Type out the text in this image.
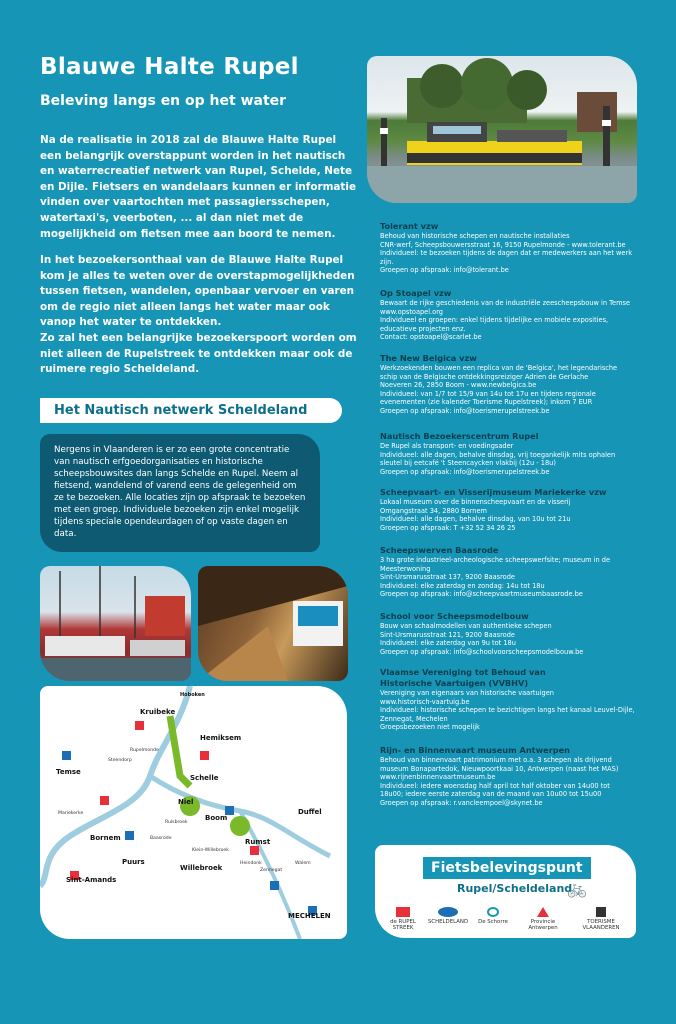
Blauwe Halte Rupel
Beleving langs en op het water
Na de realisatie in 2018 zal de Blauwe Halte Rupel een belangrijk overstappunt worden in het nautisch en waterrecreatief netwerk van Rupel, Schelde, Nete en Dijle. Fietsers en wandelaars kunnen er informatie vinden over vaartochten met passagiersschepen, watertaxi's, veerboten, ... al dan niet met de mogelijkheid om fietsen mee aan boord te nemen.
In het bezoekersonthaal van de Blauwe Halte Rupel kom je alles te weten over de overstapmogelijkheden tussen fietsen, wandelen, openbaar vervoer en varen om de regio niet alleen langs het water maar ook vanop het water te ontdekken.
Zo zal het een belangrijke bezoekerspoort worden om niet alleen de Rupelstreek te ontdekken maar ook de ruimere regio Scheldeland.
Het Nautisch netwerk Scheldeland
Nergens in Vlaanderen is er zo een grote concentratie van nautisch erfgoedorganisaties en historische scheepsbouwsites dan langs Schelde en Rupel. Neem al fietsend, wandelend of varend eens de gelegenheid om ze te bezoeken. Alle locaties zijn op afspraak te bezoeken met een groep. Individuele bezoeken zijn enkel mogelijk tijdens speciale opendeurdagen of op vaste dagen en data.
Hoboken
Kruibeke
Hemiksem
Temse
Schelle
Niel
Boom
Rumst
Duffel
Bornem
Puurs
Willebroek
Sint-Amands
MECHELEN
Mariekerke
Rupelmonde
Steendorp
Baasrode
Rulsbroek
Walem
Heindonk
Zennegat
Klein-Willebroek
Tolerant vzw
Behoud van historische schepen en nautische installaties
CNR-werf, Scheepsbouwersstraat 16, 9150 Rupelmonde - www.tolerant.be
Individueel: te bezoeken tijdens de dagen dat er medewerkers aan het werk zijn.
Groepen op afspraak: info@tolerant.be
Op Stoapel vzw
Bewaart de rijke geschiedenis van de industriële zeescheepsbouw in Temse
www.opstoapel.org
Individueel en groepen: enkel tijdens tijdelijke en mobiele exposities, educatieve projecten enz.
Contact: opstoapel@scarlet.be
The New Belgica vzw
Werkzoekenden bouwen een replica van de 'Belgica', het legendarische schip van de Belgische ontdekkingsreiziger Adrien de Gerlache
Noeveren 26, 2850 Boom - www.newbelgica.be
Individueel: van 1/7 tot 15/9 van 14u tot 17u en tijdens regionale evenementen (zie kalender Toerisme Rupelstreek); inkom 7 EUR
Groepen op afspraak: info@toerismerupelstreek.be
Nautisch Bezoekerscentrum Rupel
De Rupel als transport- en voedingsader
Individueel: alle dagen, behalve dinsdag, vrij toegankelijk mits ophalen sleutel bij eetcafé 't Steencaycken vlakbij (12u - 18u)
Groepen op afspraak: info@toerismerupelstreek.be
Scheepvaart- en Visserijmuseum Mariekerke vzw
Lokaal museum over de binnenscheepvaart en de visserij
Omgangstraat 34, 2880 Bornem
Individueel: alle dagen, behalve dinsdag, van 10u tot 21u
Groepen op afspraak: T +32 52 34 26 25
Scheepswerven Baasrode
3 ha grote industrieel-archeologische scheepswerfsite; museum in de Meesterwoning
Sint-Ursmarusstraat 137, 9200 Baasrode
Individueel: elke zaterdag en zondag: 14u tot 18u
Groepen op afspraak: info@scheepvaartmuseumbaasrode.be
School voor Scheepsmodelbouw
Bouw van schaalmodellen van authentieke schepen
Sint-Ursmarusstraat 121, 9200 Baasrode
Individueel: elke zaterdag van 9u tot 18u
Groepen op afspraak: info@schoolvoorscheepsmodelbouw.be
Vlaamse Vereniging tot Behoud van Historische Vaartuigen (VVBHV)
Vereniging van eigenaars van historische vaartuigen
www.historisch-vaartuig.be
Individueel: historische schepen te bezichtigen langs het kanaal Leuvel-Dijle, Zennegat, Mechelen
Groepsbezoeken niet mogelijk
Rijn- en Binnenvaart museum Antwerpen
Behoud van binnenvaart patrimonium met o.a. 3 schepen als drijvend museum Bonapartedok, Nieuwpoortkaai 10, Antwerpen (naast het MAS)
www.rijnenbinnenvaartmuseum.be
Individueel: iedere woensdag half april tot half oktober van 14u00 tot 18u00; iedere eerste zaterdag van de maand van 10u00 tot 15u00
Groepen op afspraak: r.vancleempoel@skynet.be
Fietsbelevingspunt
Rupel/Scheldeland
🚲
de RUPEL STREEK
SCHELDELAND	De Schorre	Provincie Antwerpen
TOERISME VLAANDEREN
